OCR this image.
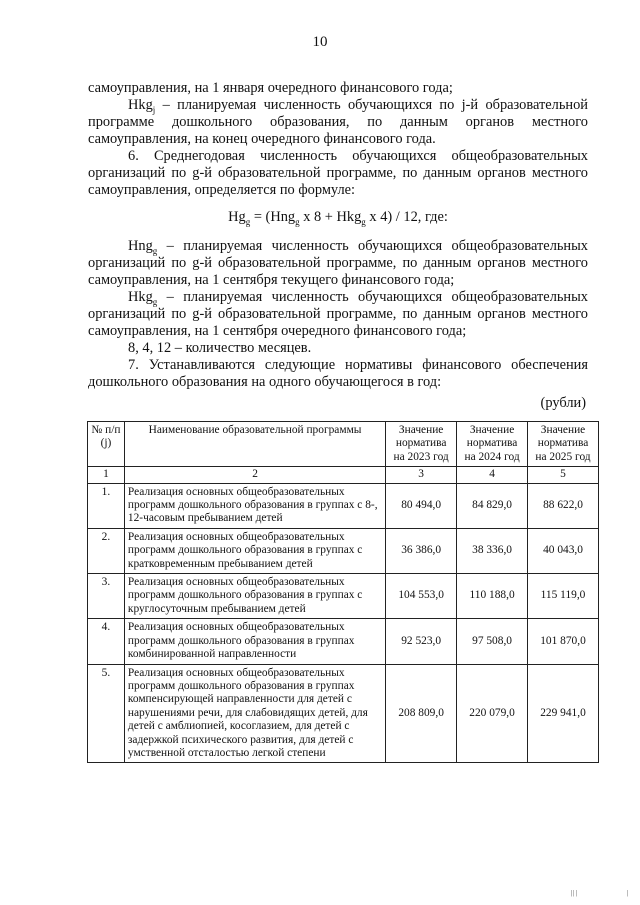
10

самоуправления, на 1 января очередного финансового года;

Нkg$_j$ – планируемая численность обучающихся по j-й образовательной программе дошкольного образования, по данным органов местного самоуправления, на конец очередного финансового года.

6. Среднегодовая численность обучающихся общеобразовательных организаций по g-й образовательной программе, по данным органов местного самоуправления, определяется по формуле:

$Hg_g = (Hng_g$ x 8 + Hkg$_g$ x 4) / 12, где:

Hng$_g$ – планируемая численность обучающихся общеобразовательных организаций по g-й образовательной программе, по данным органов местного самоуправления, на 1 сентября текущего финансового года;

Hkg$_g$ – планируемая численность обучающихся общеобразовательных организаций по g-й образовательной программе, по данным органов местного самоуправления, на 1 сентября очередного финансового года;

8, 4, 12 – количество месяцев.

7. Устанавливаются следующие нормативы финансового обеспечения дошкольного образования на одного обучающегося в год:

(рубли)

№ п/п (j)	Наименование образовательной программы	Значение норматива на 2023 год	Значение норматива на 2024 год	Значение норматива на 2025 год
1	2	3	4	5
1.	Реализация основных общеобразовательных программ дошкольного образования в группах с 8-, 12-часовым пребыванием детей	80 494,0	84 829,0	88 622,0
2.	Реализация основных общеобразовательных программ дошкольного образования в группах с кратковременным пребыванием детей	36 386,0	38 336,0	40 043,0
3.	Реализация основных общеобразовательных программ дошкольного образования в группах с круглосуточным пребыванием детей	104 553,0	110 188,0	115 119,0
4.	Реализация основных общеобразовательных программ дошкольного образования в группах комбинированной направленности	92 523,0	97 508,0	101 870,0
5.	Реализация основных общеобразовательных программ дошкольного образования в группах компенсирующей направленности для детей с нарушениями речи, для слабовидящих детей, для детей с амблиопией, косоглазием, для детей с задержкой психического развития, для детей с умственной отсталостью легкой степени	208 809,0	220 079,0	229 941,0
|||	|
